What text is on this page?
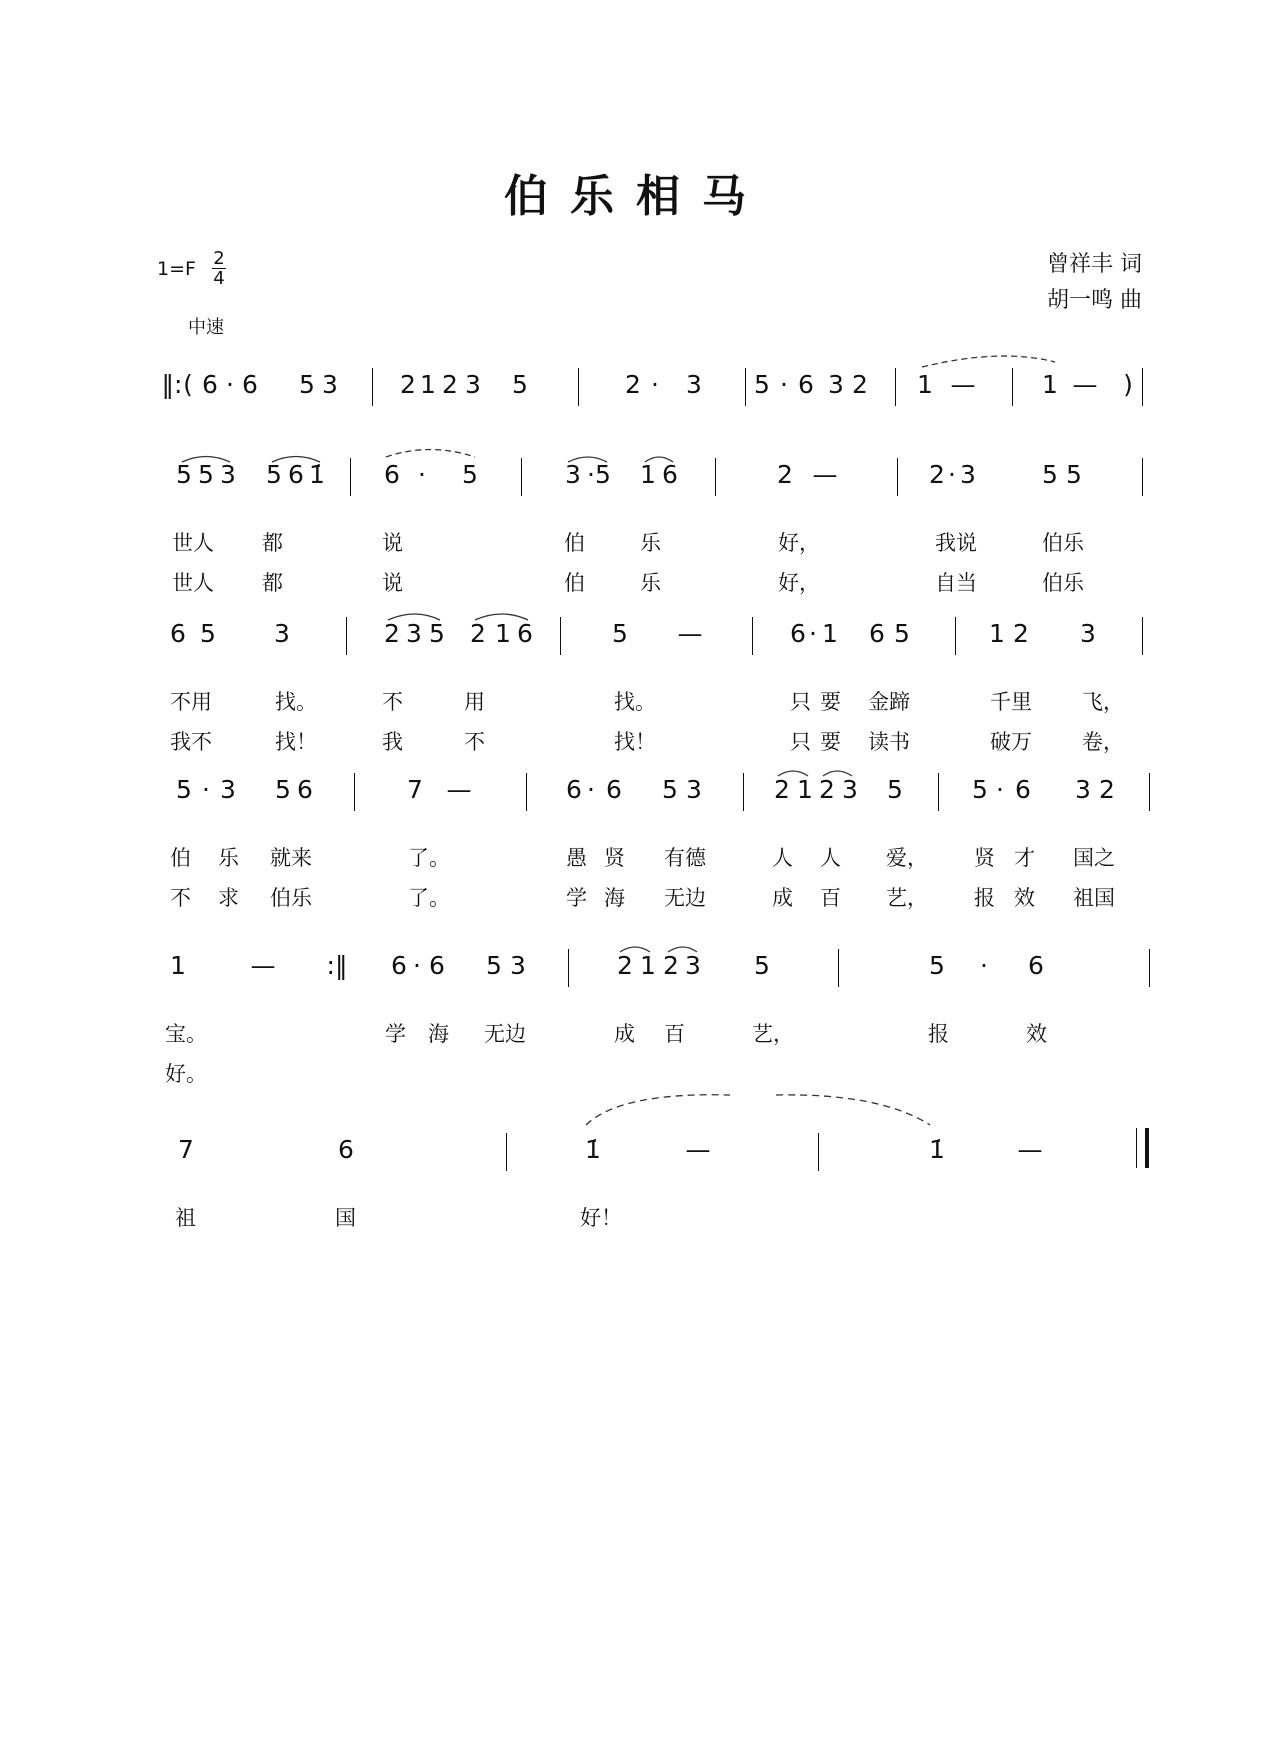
伯乐相马
1=F 2
4
中速
曾祥丰 词
胡一鸣 曲
‖: ( 6 · 6 5 3 2 1 2 3 5	2 · 3 5 · 6 3 2 1 —	1 — )
5 5 3 5 6 1̇ 6 · 5	3 · 5 1 6	2 —	2 · 3	5 5
世人 都	说	伯	乐	好，	我说	伯乐
世人 都	说	伯	乐	好，	自当	伯乐
6 5 3	2 3 5 2 1 6	5 —	6 · 1 6 5	1 2 3
不用	找。	不	用	找。	只 要 金蹄	千里 飞，
我不	找！	我	不	找！	只 要 读书	破万 卷，
5 · 3 5 6	7 —	6 · 6 5 3	2 1 2 3 5	5 · 6 3 2
伯 乐 就来	了。	愚 贤 有德	人 人 爱， 贤 才 国之
不 求 伯乐	了。	学 海 无边	成 百 艺， 报 效 祖国
1	— :‖ 6 · 6 5 3	2 1 2 3 5	5 · 6
宝。	学 海 无边	成 百	艺，	报	效
好。
7	6	1̇	—	1̇	—
祖	国	好！
